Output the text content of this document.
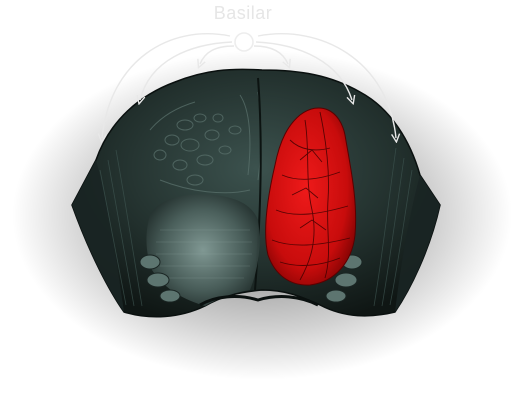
Basilar
